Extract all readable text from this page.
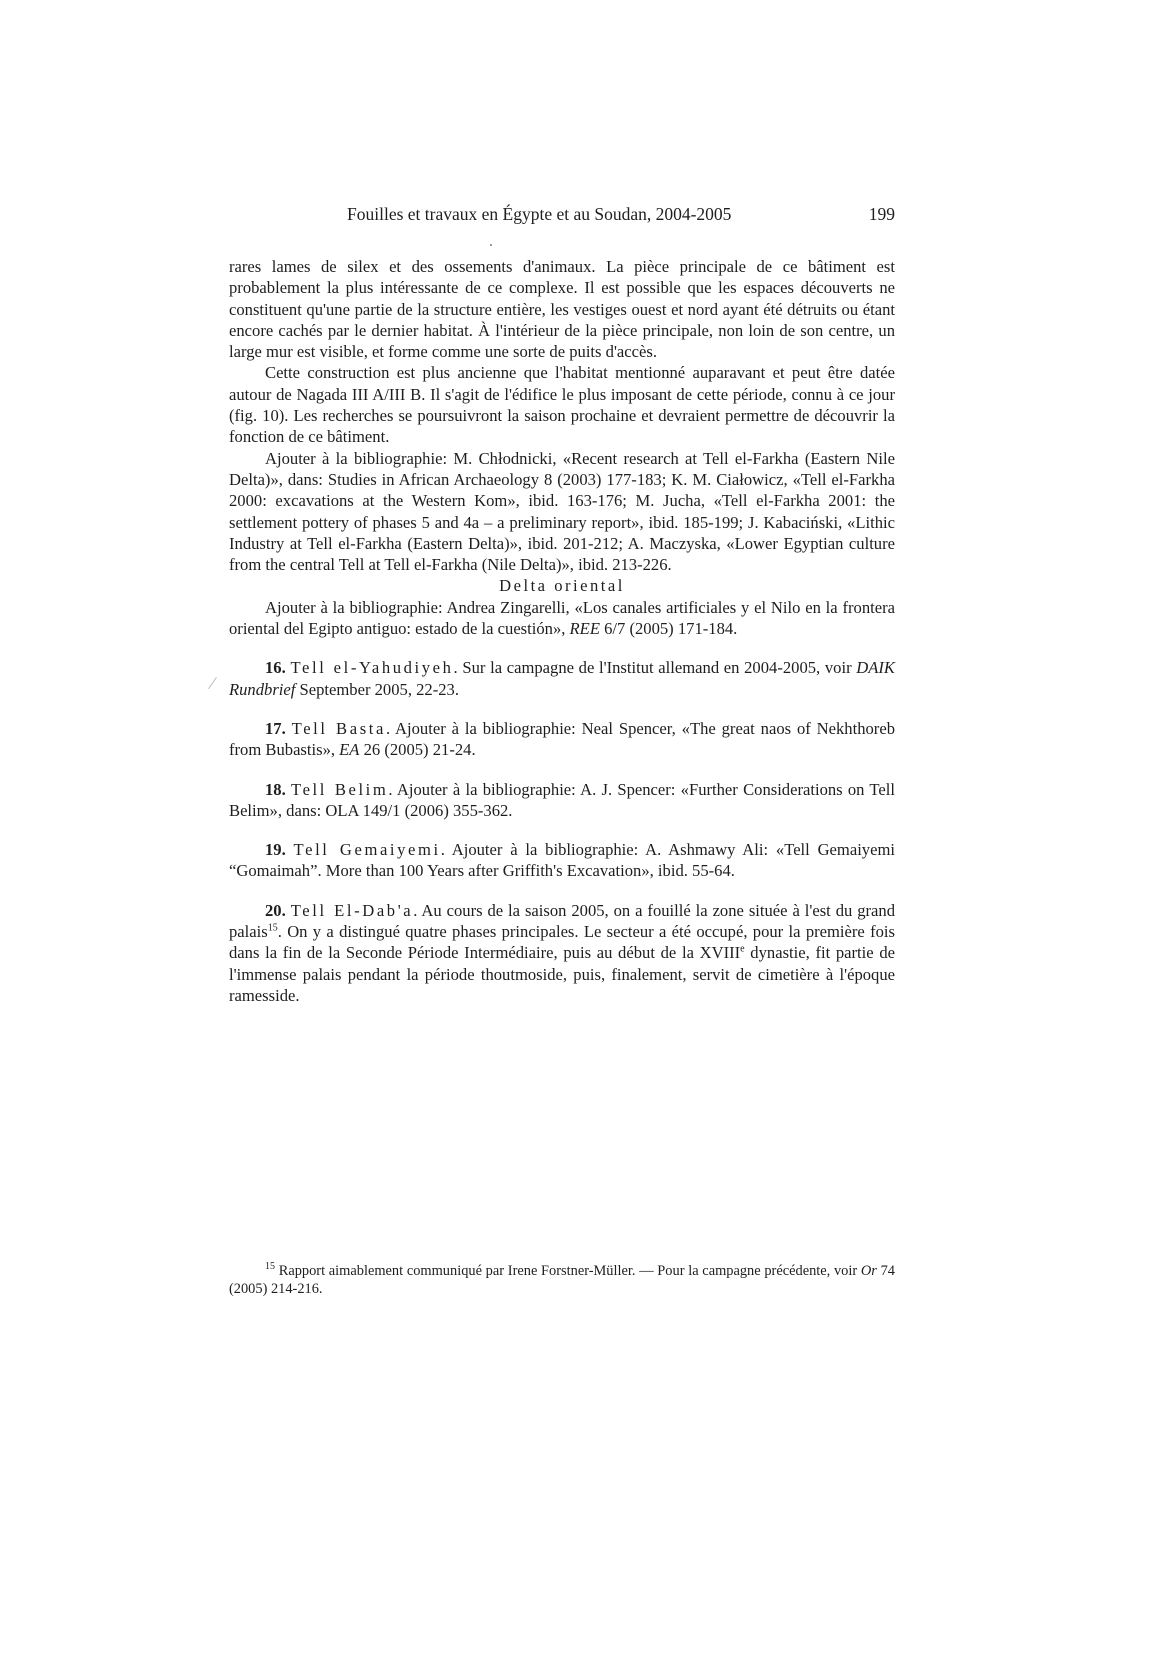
Fouilles et travaux en Égypte et au Soudan, 2004-2005	199

rares lames de silex et des ossements d'animaux. La pièce principale de ce bâtiment est probablement la plus intéressante de ce complexe. Il est possible que les espaces découverts ne constituent qu'une partie de la structure entière, les vestiges ouest et nord ayant été détruits ou étant encore cachés par le dernier habitat. À l'intérieur de la pièce principale, non loin de son centre, un large mur est visible, et forme comme une sorte de puits d'accès.

Cette construction est plus ancienne que l'habitat mentionné auparavant et peut être datée autour de Nagada III A/III B. Il s'agit de l'édifice le plus imposant de cette période, connu à ce jour (fig. 10). Les recherches se poursuivront la saison prochaine et devraient permettre de découvrir la fonction de ce bâtiment.

Ajouter à la bibliographie: M. Chłodnicki, «Recent research at Tell el-Farkha (Eastern Nile Delta)», dans: Studies in African Archaeology 8 (2003) 177-183; K. M. Ciałowicz, «Tell el-Farkha 2000: excavations at the Western Kom», ibid. 163-176; M. Jucha, «Tell el-Farkha 2001: the settlement pottery of phases 5 and 4a – a preliminary report», ibid. 185-199; J. Kabaciński, «Lithic Industry at Tell el-Farkha (Eastern Delta)», ibid. 201-212; A. Maczyska, «Lower Egyptian culture from the central Tell at Tell el-Farkha (Nile Delta)», ibid. 213-226.

Delta oriental

Ajouter à la bibliographie: Andrea Zingarelli, «Los canales artificiales y el Nilo en la frontera oriental del Egipto antiguo: estado de la cuestión», REE 6/7 (2005) 171-184.

16. Tell el-Yahudiyeh. Sur la campagne de l'Institut allemand en 2004-2005, voir DAIK Rundbrief September 2005, 22-23.

17. Tell Basta. Ajouter à la bibliographie: Neal Spencer, «The great naos of Nekhthoreb from Bubastis», EA 26 (2005) 21-24.

18. Tell Belim. Ajouter à la bibliographie: A. J. Spencer: «Further Considerations on Tell Belim», dans: OLA 149/1 (2006) 355-362.

19. Tell Gemaiyemi. Ajouter à la bibliographie: A. Ashmawy Ali: «Tell Gemaiyemi “Gomaimah”. More than 100 Years after Griffith's Excavation», ibid. 55-64.

20. Tell El-Dab'a. Au cours de la saison 2005, on a fouillé la zone située à l'est du grand palais$^{15}$. On y a distingué quatre phases principales. Le secteur a été occupé, pour la première fois dans la fin de la Seconde Période Intermédiaire, puis au début de la XVIIIe dynastie, fit partie de l'immense palais pendant la période thoutmoside, puis, finalement, servit de cimetière à l'époque ramesside.

$^{15}$ Rapport aimablement communiqué par Irene Forstner-Müller. — Pour la campagne précédente, voir Or 74 (2005) 214-216.
